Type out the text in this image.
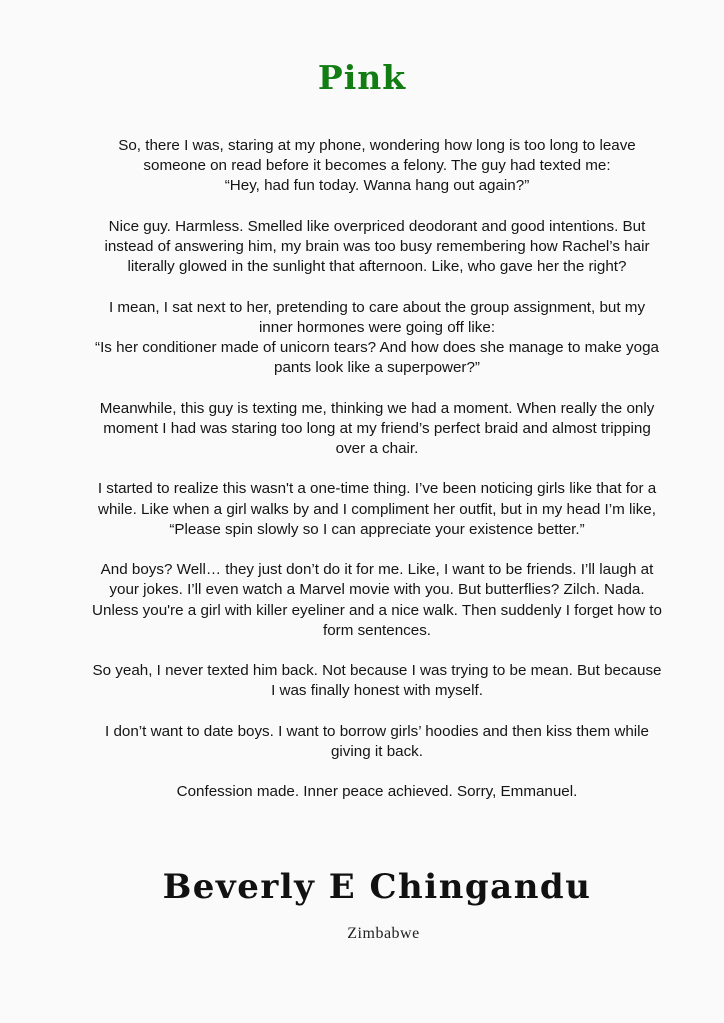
Pink

So, there I was, staring at my phone, wondering how long is too long to leave someone on read before it becomes a felony. The guy had texted me:
“Hey, had fun today. Wanna hang out again?”

Nice guy. Harmless. Smelled like overpriced deodorant and good intentions. But instead of answering him, my brain was too busy remembering how Rachel’s hair literally glowed in the sunlight that afternoon. Like, who gave her the right?

I mean, I sat next to her, pretending to care about the group assignment, but my inner hormones were going off like:
“Is her conditioner made of unicorn tears? And how does she manage to make yoga pants look like a superpower?”

Meanwhile, this guy is texting me, thinking we had a moment. When really the only moment I had was staring too long at my friend’s perfect braid and almost tripping over a chair.

I started to realize this wasn't a one-time thing. I’ve been noticing girls like that for a while. Like when a girl walks by and I compliment her outfit, but in my head I’m like, “Please spin slowly so I can appreciate your existence better.”

And boys? Well… they just don’t do it for me. Like, I want to be friends. I’ll laugh at your jokes. I’ll even watch a Marvel movie with you. But butterflies? Zilch. Nada. Unless you're a girl with killer eyeliner and a nice walk. Then suddenly I forget how to form sentences.

So yeah, I never texted him back. Not because I was trying to be mean. But because I was finally honest with myself.

I don’t want to date boys. I want to borrow girls’ hoodies and then kiss them while giving it back.

Confession made. Inner peace achieved. Sorry, Emmanuel.

Beverly E Chingandu
Zimbabwe
